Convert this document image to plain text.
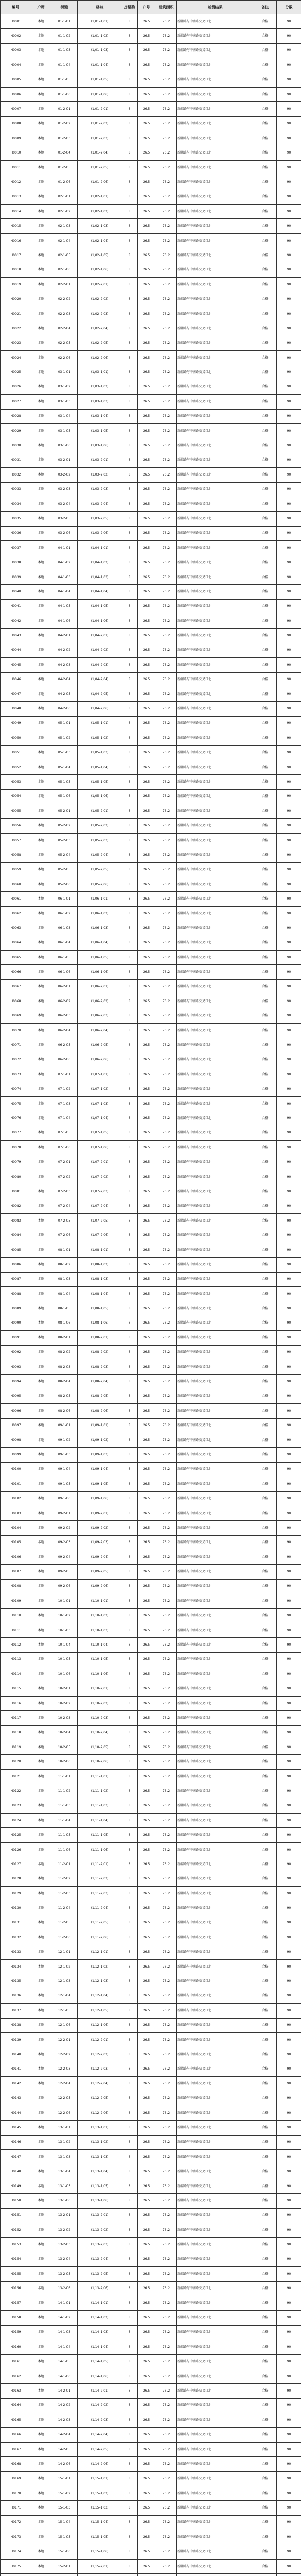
编号	户籍	街道	楼栋	房屋数	户号	建筑面积	检测结果	备注	分数
H0001	本地	01-1-01	(1,01-1,01)	8	26.5	76.2	新疆路与中南路交叉口北	合格	90
H0002	本地	01-1-02	(1,01-1,02)	8	26.5	76.2	新疆路与中南路交叉口北	合格	90
H0003	本地	01-1-03	(1,01-1,03)	8	26.5	76.2	新疆路与中南路交叉口北	合格	90
H0004	本地	01-1-04	(1,01-1,04)	8	26.5	76.2	新疆路与中南路交叉口北	合格	90
H0005	本地	01-1-05	(1,01-1,05)	8	26.5	76.2	新疆路与中南路交叉口北	合格	90
H0006	本地	01-1-06	(1,01-1,06)	8	26.5	76.2	新疆路与中南路交叉口北	合格	90
H0007	本地	01-2-01	(1,01-2,01)	8	26.5	76.2	新疆路与中南路交叉口北	合格	90
H0008	本地	01-2-02	(1,01-2,02)	8	26.5	76.2	新疆路与中南路交叉口北	合格	90
H0009	本地	01-2-03	(1,01-2,03)	8	26.5	76.2	新疆路与中南路交叉口北	合格	90
H0010	本地	01-2-04	(1,01-2,04)	8	26.5	76.2	新疆路与中南路交叉口北	合格	90
H0011	本地	01-2-05	(1,01-2,05)	8	26.5	76.2	新疆路与中南路交叉口北	合格	90
H0012	本地	01-2-06	(1,01-2,06)	8	26.5	76.2	新疆路与中南路交叉口北	合格	90
H0013	本地	02-1-01	(1,02-1,01)	8	26.5	76.2	新疆路与中南路交叉口北	合格	90
H0014	本地	02-1-02	(1,02-1,02)	8	26.5	76.2	新疆路与中南路交叉口北	合格	90
H0015	本地	02-1-03	(1,02-1,03)	8	26.5	76.2	新疆路与中南路交叉口北	合格	90
H0016	本地	02-1-04	(1,02-1,04)	8	26.5	76.2	新疆路与中南路交叉口北	合格	90
H0017	本地	02-1-05	(1,02-1,05)	8	26.5	76.2	新疆路与中南路交叉口北	合格	90
H0018	本地	02-1-06	(1,02-1,06)	8	26.5	76.2	新疆路与中南路交叉口北	合格	90
H0019	本地	02-2-01	(1,02-2,01)	8	26.5	76.2	新疆路与中南路交叉口北	合格	90
H0020	本地	02-2-02	(1,02-2,02)	8	26.5	76.2	新疆路与中南路交叉口北	合格	90
H0021	本地	02-2-03	(1,02-2,03)	8	26.5	76.2	新疆路与中南路交叉口北	合格	90
H0022	本地	02-2-04	(1,02-2,04)	8	26.5	76.2	新疆路与中南路交叉口北	合格	90
H0023	本地	02-2-05	(1,02-2,05)	8	26.5	76.2	新疆路与中南路交叉口北	合格	90
H0024	本地	02-2-06	(1,02-2,06)	8	26.5	76.2	新疆路与中南路交叉口北	合格	90
H0025	本地	03-1-01	(1,03-1,01)	8	26.5	76.2	新疆路与中南路交叉口北	合格	90
H0026	本地	03-1-02	(1,03-1,02)	8	26.5	76.2	新疆路与中南路交叉口北	合格	90
H0027	本地	03-1-03	(1,03-1,03)	8	26.5	76.2	新疆路与中南路交叉口北	合格	90
H0028	本地	03-1-04	(1,03-1,04)	8	26.5	76.2	新疆路与中南路交叉口北	合格	90
H0029	本地	03-1-05	(1,03-1,05)	8	26.5	76.2	新疆路与中南路交叉口北	合格	90
H0030	本地	03-1-06	(1,03-1,06)	8	26.5	76.2	新疆路与中南路交叉口北	合格	90
H0031	本地	03-2-01	(1,03-2,01)	8	26.5	76.2	新疆路与中南路交叉口北	合格	90
H0032	本地	03-2-02	(1,03-2,02)	8	26.5	76.2	新疆路与中南路交叉口北	合格	90
H0033	本地	03-2-03	(1,03-2,03)	8	26.5	76.2	新疆路与中南路交叉口北	合格	90
H0034	本地	03-2-04	(1,03-2,04)	8	26.5	76.2	新疆路与中南路交叉口北	合格	90
H0035	本地	03-2-05	(1,03-2,05)	8	26.5	76.2	新疆路与中南路交叉口北	合格	90
H0036	本地	03-2-06	(1,03-2,06)	8	26.5	76.2	新疆路与中南路交叉口北	合格	90
H0037	本地	04-1-01	(1,04-1,01)	8	26.5	76.2	新疆路与中南路交叉口北	合格	90
H0038	本地	04-1-02	(1,04-1,02)	8	26.5	76.2	新疆路与中南路交叉口北	合格	90
H0039	本地	04-1-03	(1,04-1,03)	8	26.5	76.2	新疆路与中南路交叉口北	合格	90
H0040	本地	04-1-04	(1,04-1,04)	8	26.5	76.2	新疆路与中南路交叉口北	合格	90
H0041	本地	04-1-05	(1,04-1,05)	8	26.5	76.2	新疆路与中南路交叉口北	合格	90
H0042	本地	04-1-06	(1,04-1,06)	8	26.5	76.2	新疆路与中南路交叉口北	合格	90
H0043	本地	04-2-01	(1,04-2,01)	8	26.5	76.2	新疆路与中南路交叉口北	合格	90
H0044	本地	04-2-02	(1,04-2,02)	8	26.5	76.2	新疆路与中南路交叉口北	合格	90
H0045	本地	04-2-03	(1,04-2,03)	8	26.5	76.2	新疆路与中南路交叉口北	合格	90
H0046	本地	04-2-04	(1,04-2,04)	8	26.5	76.2	新疆路与中南路交叉口北	合格	90
H0047	本地	04-2-05	(1,04-2,05)	8	26.5	76.2	新疆路与中南路交叉口北	合格	90
H0048	本地	04-2-06	(1,04-2,06)	8	26.5	76.2	新疆路与中南路交叉口北	合格	90
H0049	本地	05-1-01	(1,05-1,01)	8	26.5	76.2	新疆路与中南路交叉口北	合格	90
H0050	本地	05-1-02	(1,05-1,02)	8	26.5	76.2	新疆路与中南路交叉口北	合格	90
H0051	本地	05-1-03	(1,05-1,03)	8	26.5	76.2	新疆路与中南路交叉口北	合格	90
H0052	本地	05-1-04	(1,05-1,04)	8	26.5	76.2	新疆路与中南路交叉口北	合格	90
H0053	本地	05-1-05	(1,05-1,05)	8	26.5	76.2	新疆路与中南路交叉口北	合格	90
H0054	本地	05-1-06	(1,05-1,06)	8	26.5	76.2	新疆路与中南路交叉口北	合格	90
H0055	本地	05-2-01	(1,05-2,01)	8	26.5	76.2	新疆路与中南路交叉口北	合格	90
H0056	本地	05-2-02	(1,05-2,02)	8	26.5	76.2	新疆路与中南路交叉口北	合格	90
H0057	本地	05-2-03	(1,05-2,03)	8	26.5	76.2	新疆路与中南路交叉口北	合格	90
H0058	本地	05-2-04	(1,05-2,04)	8	26.5	76.2	新疆路与中南路交叉口北	合格	90
H0059	本地	05-2-05	(1,05-2,05)	8	26.5	76.2	新疆路与中南路交叉口北	合格	90
H0060	本地	05-2-06	(1,05-2,06)	8	26.5	76.2	新疆路与中南路交叉口北	合格	90
H0061	本地	06-1-01	(1,06-1,01)	8	26.5	76.2	新疆路与中南路交叉口北	合格	90
H0062	本地	06-1-02	(1,06-1,02)	8	26.5	76.2	新疆路与中南路交叉口北	合格	90
H0063	本地	06-1-03	(1,06-1,03)	8	26.5	76.2	新疆路与中南路交叉口北	合格	90
H0064	本地	06-1-04	(1,06-1,04)	8	26.5	76.2	新疆路与中南路交叉口北	合格	90
H0065	本地	06-1-05	(1,06-1,05)	8	26.5	76.2	新疆路与中南路交叉口北	合格	90
H0066	本地	06-1-06	(1,06-1,06)	8	26.5	76.2	新疆路与中南路交叉口北	合格	90
H0067	本地	06-2-01	(1,06-2,01)	8	26.5	76.2	新疆路与中南路交叉口北	合格	90
H0068	本地	06-2-02	(1,06-2,02)	8	26.5	76.2	新疆路与中南路交叉口北	合格	90
H0069	本地	06-2-03	(1,06-2,03)	8	26.5	76.2	新疆路与中南路交叉口北	合格	90
H0070	本地	06-2-04	(1,06-2,04)	8	26.5	76.2	新疆路与中南路交叉口北	合格	90
H0071	本地	06-2-05	(1,06-2,05)	8	26.5	76.2	新疆路与中南路交叉口北	合格	90
H0072	本地	06-2-06	(1,06-2,06)	8	26.5	76.2	新疆路与中南路交叉口北	合格	90
H0073	本地	07-1-01	(1,07-1,01)	8	26.5	76.2	新疆路与中南路交叉口北	合格	90
H0074	本地	07-1-02	(1,07-1,02)	8	26.5	76.2	新疆路与中南路交叉口北	合格	90
H0075	本地	07-1-03	(1,07-1,03)	8	26.5	76.2	新疆路与中南路交叉口北	合格	90
H0076	本地	07-1-04	(1,07-1,04)	8	26.5	76.2	新疆路与中南路交叉口北	合格	90
H0077	本地	07-1-05	(1,07-1,05)	8	26.5	76.2	新疆路与中南路交叉口北	合格	90
H0078	本地	07-1-06	(1,07-1,06)	8	26.5	76.2	新疆路与中南路交叉口北	合格	90
H0079	本地	07-2-01	(1,07-2,01)	8	26.5	76.2	新疆路与中南路交叉口北	合格	90
H0080	本地	07-2-02	(1,07-2,02)	8	26.5	76.2	新疆路与中南路交叉口北	合格	90
H0081	本地	07-2-03	(1,07-2,03)	8	26.5	76.2	新疆路与中南路交叉口北	合格	90
H0082	本地	07-2-04	(1,07-2,04)	8	26.5	76.2	新疆路与中南路交叉口北	合格	90
H0083	本地	07-2-05	(1,07-2,05)	8	26.5	76.2	新疆路与中南路交叉口北	合格	90
H0084	本地	07-2-06	(1,07-2,06)	8	26.5	76.2	新疆路与中南路交叉口北	合格	90
H0085	本地	08-1-01	(1,08-1,01)	8	26.5	76.2	新疆路与中南路交叉口北	合格	90
H0086	本地	08-1-02	(1,08-1,02)	8	26.5	76.2	新疆路与中南路交叉口北	合格	90
H0087	本地	08-1-03	(1,08-1,03)	8	26.5	76.2	新疆路与中南路交叉口北	合格	90
H0088	本地	08-1-04	(1,08-1,04)	8	26.5	76.2	新疆路与中南路交叉口北	合格	90
H0089	本地	08-1-05	(1,08-1,05)	8	26.5	76.2	新疆路与中南路交叉口北	合格	90
H0090	本地	08-1-06	(1,08-1,06)	8	26.5	76.2	新疆路与中南路交叉口北	合格	90
H0091	本地	08-2-01	(1,08-2,01)	8	26.5	76.2	新疆路与中南路交叉口北	合格	90
H0092	本地	08-2-02	(1,08-2,02)	8	26.5	76.2	新疆路与中南路交叉口北	合格	90
H0093	本地	08-2-03	(1,08-2,03)	8	26.5	76.2	新疆路与中南路交叉口北	合格	90
H0094	本地	08-2-04	(1,08-2,04)	8	26.5	76.2	新疆路与中南路交叉口北	合格	90
H0095	本地	08-2-05	(1,08-2,05)	8	26.5	76.2	新疆路与中南路交叉口北	合格	90
H0096	本地	08-2-06	(1,08-2,06)	8	26.5	76.2	新疆路与中南路交叉口北	合格	90
H0097	本地	09-1-01	(1,09-1,01)	8	26.5	76.2	新疆路与中南路交叉口北	合格	90
H0098	本地	09-1-02	(1,09-1,02)	8	26.5	76.2	新疆路与中南路交叉口北	合格	90
H0099	本地	09-1-03	(1,09-1,03)	8	26.5	76.2	新疆路与中南路交叉口北	合格	90
H0100	本地	09-1-04	(1,09-1,04)	8	26.5	76.2	新疆路与中南路交叉口北	合格	90
H0101	本地	09-1-05	(1,09-1,05)	8	26.5	76.2	新疆路与中南路交叉口北	合格	90
H0102	本地	09-1-06	(1,09-1,06)	8	26.5	76.2	新疆路与中南路交叉口北	合格	90
H0103	本地	09-2-01	(1,09-2,01)	8	26.5	76.2	新疆路与中南路交叉口北	合格	90
H0104	本地	09-2-02	(1,09-2,02)	8	26.5	76.2	新疆路与中南路交叉口北	合格	90
H0105	本地	09-2-03	(1,09-2,03)	8	26.5	76.2	新疆路与中南路交叉口北	合格	90
H0106	本地	09-2-04	(1,09-2,04)	8	26.5	76.2	新疆路与中南路交叉口北	合格	90
H0107	本地	09-2-05	(1,09-2,05)	8	26.5	76.2	新疆路与中南路交叉口北	合格	90
H0108	本地	09-2-06	(1,09-2,06)	8	26.5	76.2	新疆路与中南路交叉口北	合格	90
H0109	本地	10-1-01	(1,10-1,01)	8	26.5	76.2	新疆路与中南路交叉口北	合格	90
H0110	本地	10-1-02	(1,10-1,02)	8	26.5	76.2	新疆路与中南路交叉口北	合格	90
H0111	本地	10-1-03	(1,10-1,03)	8	26.5	76.2	新疆路与中南路交叉口北	合格	90
H0112	本地	10-1-04	(1,10-1,04)	8	26.5	76.2	新疆路与中南路交叉口北	合格	90
H0113	本地	10-1-05	(1,10-1,05)	8	26.5	76.2	新疆路与中南路交叉口北	合格	90
H0114	本地	10-1-06	(1,10-1,06)	8	26.5	76.2	新疆路与中南路交叉口北	合格	90
H0115	本地	10-2-01	(1,10-2,01)	8	26.5	76.2	新疆路与中南路交叉口北	合格	90
H0116	本地	10-2-02	(1,10-2,02)	8	26.5	76.2	新疆路与中南路交叉口北	合格	90
H0117	本地	10-2-03	(1,10-2,03)	8	26.5	76.2	新疆路与中南路交叉口北	合格	90
H0118	本地	10-2-04	(1,10-2,04)	8	26.5	76.2	新疆路与中南路交叉口北	合格	90
H0119	本地	10-2-05	(1,10-2,05)	8	26.5	76.2	新疆路与中南路交叉口北	合格	90
H0120	本地	10-2-06	(1,10-2,06)	8	26.5	76.2	新疆路与中南路交叉口北	合格	90
H0121	本地	11-1-01	(1,11-1,01)	8	26.5	76.2	新疆路与中南路交叉口北	合格	90
H0122	本地	11-1-02	(1,11-1,02)	8	26.5	76.2	新疆路与中南路交叉口北	合格	90
H0123	本地	11-1-03	(1,11-1,03)	8	26.5	76.2	新疆路与中南路交叉口北	合格	90
H0124	本地	11-1-04	(1,11-1,04)	8	26.5	76.2	新疆路与中南路交叉口北	合格	90
H0125	本地	11-1-05	(1,11-1,05)	8	26.5	76.2	新疆路与中南路交叉口北	合格	90
H0126	本地	11-1-06	(1,11-1,06)	8	26.5	76.2	新疆路与中南路交叉口北	合格	90
H0127	本地	11-2-01	(1,11-2,01)	8	26.5	76.2	新疆路与中南路交叉口北	合格	90
H0128	本地	11-2-02	(1,11-2,02)	8	26.5	76.2	新疆路与中南路交叉口北	合格	90
H0129	本地	11-2-03	(1,11-2,03)	8	26.5	76.2	新疆路与中南路交叉口北	合格	90
H0130	本地	11-2-04	(1,11-2,04)	8	26.5	76.2	新疆路与中南路交叉口北	合格	90
H0131	本地	11-2-05	(1,11-2,05)	8	26.5	76.2	新疆路与中南路交叉口北	合格	90
H0132	本地	11-2-06	(1,11-2,06)	8	26.5	76.2	新疆路与中南路交叉口北	合格	90
H0133	本地	12-1-01	(1,12-1,01)	8	26.5	76.2	新疆路与中南路交叉口北	合格	90
H0134	本地	12-1-02	(1,12-1,02)	8	26.5	76.2	新疆路与中南路交叉口北	合格	90
H0135	本地	12-1-03	(1,12-1,03)	8	26.5	76.2	新疆路与中南路交叉口北	合格	90
H0136	本地	12-1-04	(1,12-1,04)	8	26.5	76.2	新疆路与中南路交叉口北	合格	90
H0137	本地	12-1-05	(1,12-1,05)	8	26.5	76.2	新疆路与中南路交叉口北	合格	90
H0138	本地	12-1-06	(1,12-1,06)	8	26.5	76.2	新疆路与中南路交叉口北	合格	90
H0139	本地	12-2-01	(1,12-2,01)	8	26.5	76.2	新疆路与中南路交叉口北	合格	90
H0140	本地	12-2-02	(1,12-2,02)	8	26.5	76.2	新疆路与中南路交叉口北	合格	90
H0141	本地	12-2-03	(1,12-2,03)	8	26.5	76.2	新疆路与中南路交叉口北	合格	90
H0142	本地	12-2-04	(1,12-2,04)	8	26.5	76.2	新疆路与中南路交叉口北	合格	90
H0143	本地	12-2-05	(1,12-2,05)	8	26.5	76.2	新疆路与中南路交叉口北	合格	90
H0144	本地	12-2-06	(1,12-2,06)	8	26.5	76.2	新疆路与中南路交叉口北	合格	90
H0145	本地	13-1-01	(1,13-1,01)	8	26.5	76.2	新疆路与中南路交叉口北	合格	90
H0146	本地	13-1-02	(1,13-1,02)	8	26.5	76.2	新疆路与中南路交叉口北	合格	90
H0147	本地	13-1-03	(1,13-1,03)	8	26.5	76.2	新疆路与中南路交叉口北	合格	90
H0148	本地	13-1-04	(1,13-1,04)	8	26.5	76.2	新疆路与中南路交叉口北	合格	90
H0149	本地	13-1-05	(1,13-1,05)	8	26.5	76.2	新疆路与中南路交叉口北	合格	90
H0150	本地	13-1-06	(1,13-1,06)	8	26.5	76.2	新疆路与中南路交叉口北	合格	90
H0151	本地	13-2-01	(1,13-2,01)	8	26.5	76.2	新疆路与中南路交叉口北	合格	90
H0152	本地	13-2-02	(1,13-2,02)	8	26.5	76.2	新疆路与中南路交叉口北	合格	90
H0153	本地	13-2-03	(1,13-2,03)	8	26.5	76.2	新疆路与中南路交叉口北	合格	90
H0154	本地	13-2-04	(1,13-2,04)	8	26.5	76.2	新疆路与中南路交叉口北	合格	90
H0155	本地	13-2-05	(1,13-2,05)	8	26.5	76.2	新疆路与中南路交叉口北	合格	90
H0156	本地	13-2-06	(1,13-2,06)	8	26.5	76.2	新疆路与中南路交叉口北	合格	90
H0157	本地	14-1-01	(1,14-1,01)	8	26.5	76.2	新疆路与中南路交叉口北	合格	90
H0158	本地	14-1-02	(1,14-1,02)	8	26.5	76.2	新疆路与中南路交叉口北	合格	90
H0159	本地	14-1-03	(1,14-1,03)	8	26.5	76.2	新疆路与中南路交叉口北	合格	90
H0160	本地	14-1-04	(1,14-1,04)	8	26.5	76.2	新疆路与中南路交叉口北	合格	90
H0161	本地	14-1-05	(1,14-1,05)	8	26.5	76.2	新疆路与中南路交叉口北	合格	90
H0162	本地	14-1-06	(1,14-1,06)	8	26.5	76.2	新疆路与中南路交叉口北	合格	90
H0163	本地	14-2-01	(1,14-2,01)	8	26.5	76.2	新疆路与中南路交叉口北	合格	90
H0164	本地	14-2-02	(1,14-2,02)	8	26.5	76.2	新疆路与中南路交叉口北	合格	90
H0165	本地	14-2-03	(1,14-2,03)	8	26.5	76.2	新疆路与中南路交叉口北	合格	90
H0166	本地	14-2-04	(1,14-2,04)	8	26.5	76.2	新疆路与中南路交叉口北	合格	90
H0167	本地	14-2-05	(1,14-2,05)	8	26.5	76.2	新疆路与中南路交叉口北	合格	90
H0168	本地	14-2-06	(1,14-2,06)	8	26.5	76.2	新疆路与中南路交叉口北	合格	90
H0169	本地	15-1-01	(1,15-1,01)	8	26.5	76.2	新疆路与中南路交叉口北	合格	90
H0170	本地	15-1-02	(1,15-1,02)	8	26.5	76.2	新疆路与中南路交叉口北	合格	90
H0171	本地	15-1-03	(1,15-1,03)	8	26.5	76.2	新疆路与中南路交叉口北	合格	90
H0172	本地	15-1-04	(1,15-1,04)	8	26.5	76.2	新疆路与中南路交叉口北	合格	90
H0173	本地	15-1-05	(1,15-1,05)	8	26.5	76.2	新疆路与中南路交叉口北	合格	90
H0174	本地	15-1-06	(1,15-1,06)	8	26.5	76.2	新疆路与中南路交叉口北	合格	90
H0175	本地	15-2-01	(1,15-2,01)	8	26.5	76.2	新疆路与中南路交叉口北	合格	90
